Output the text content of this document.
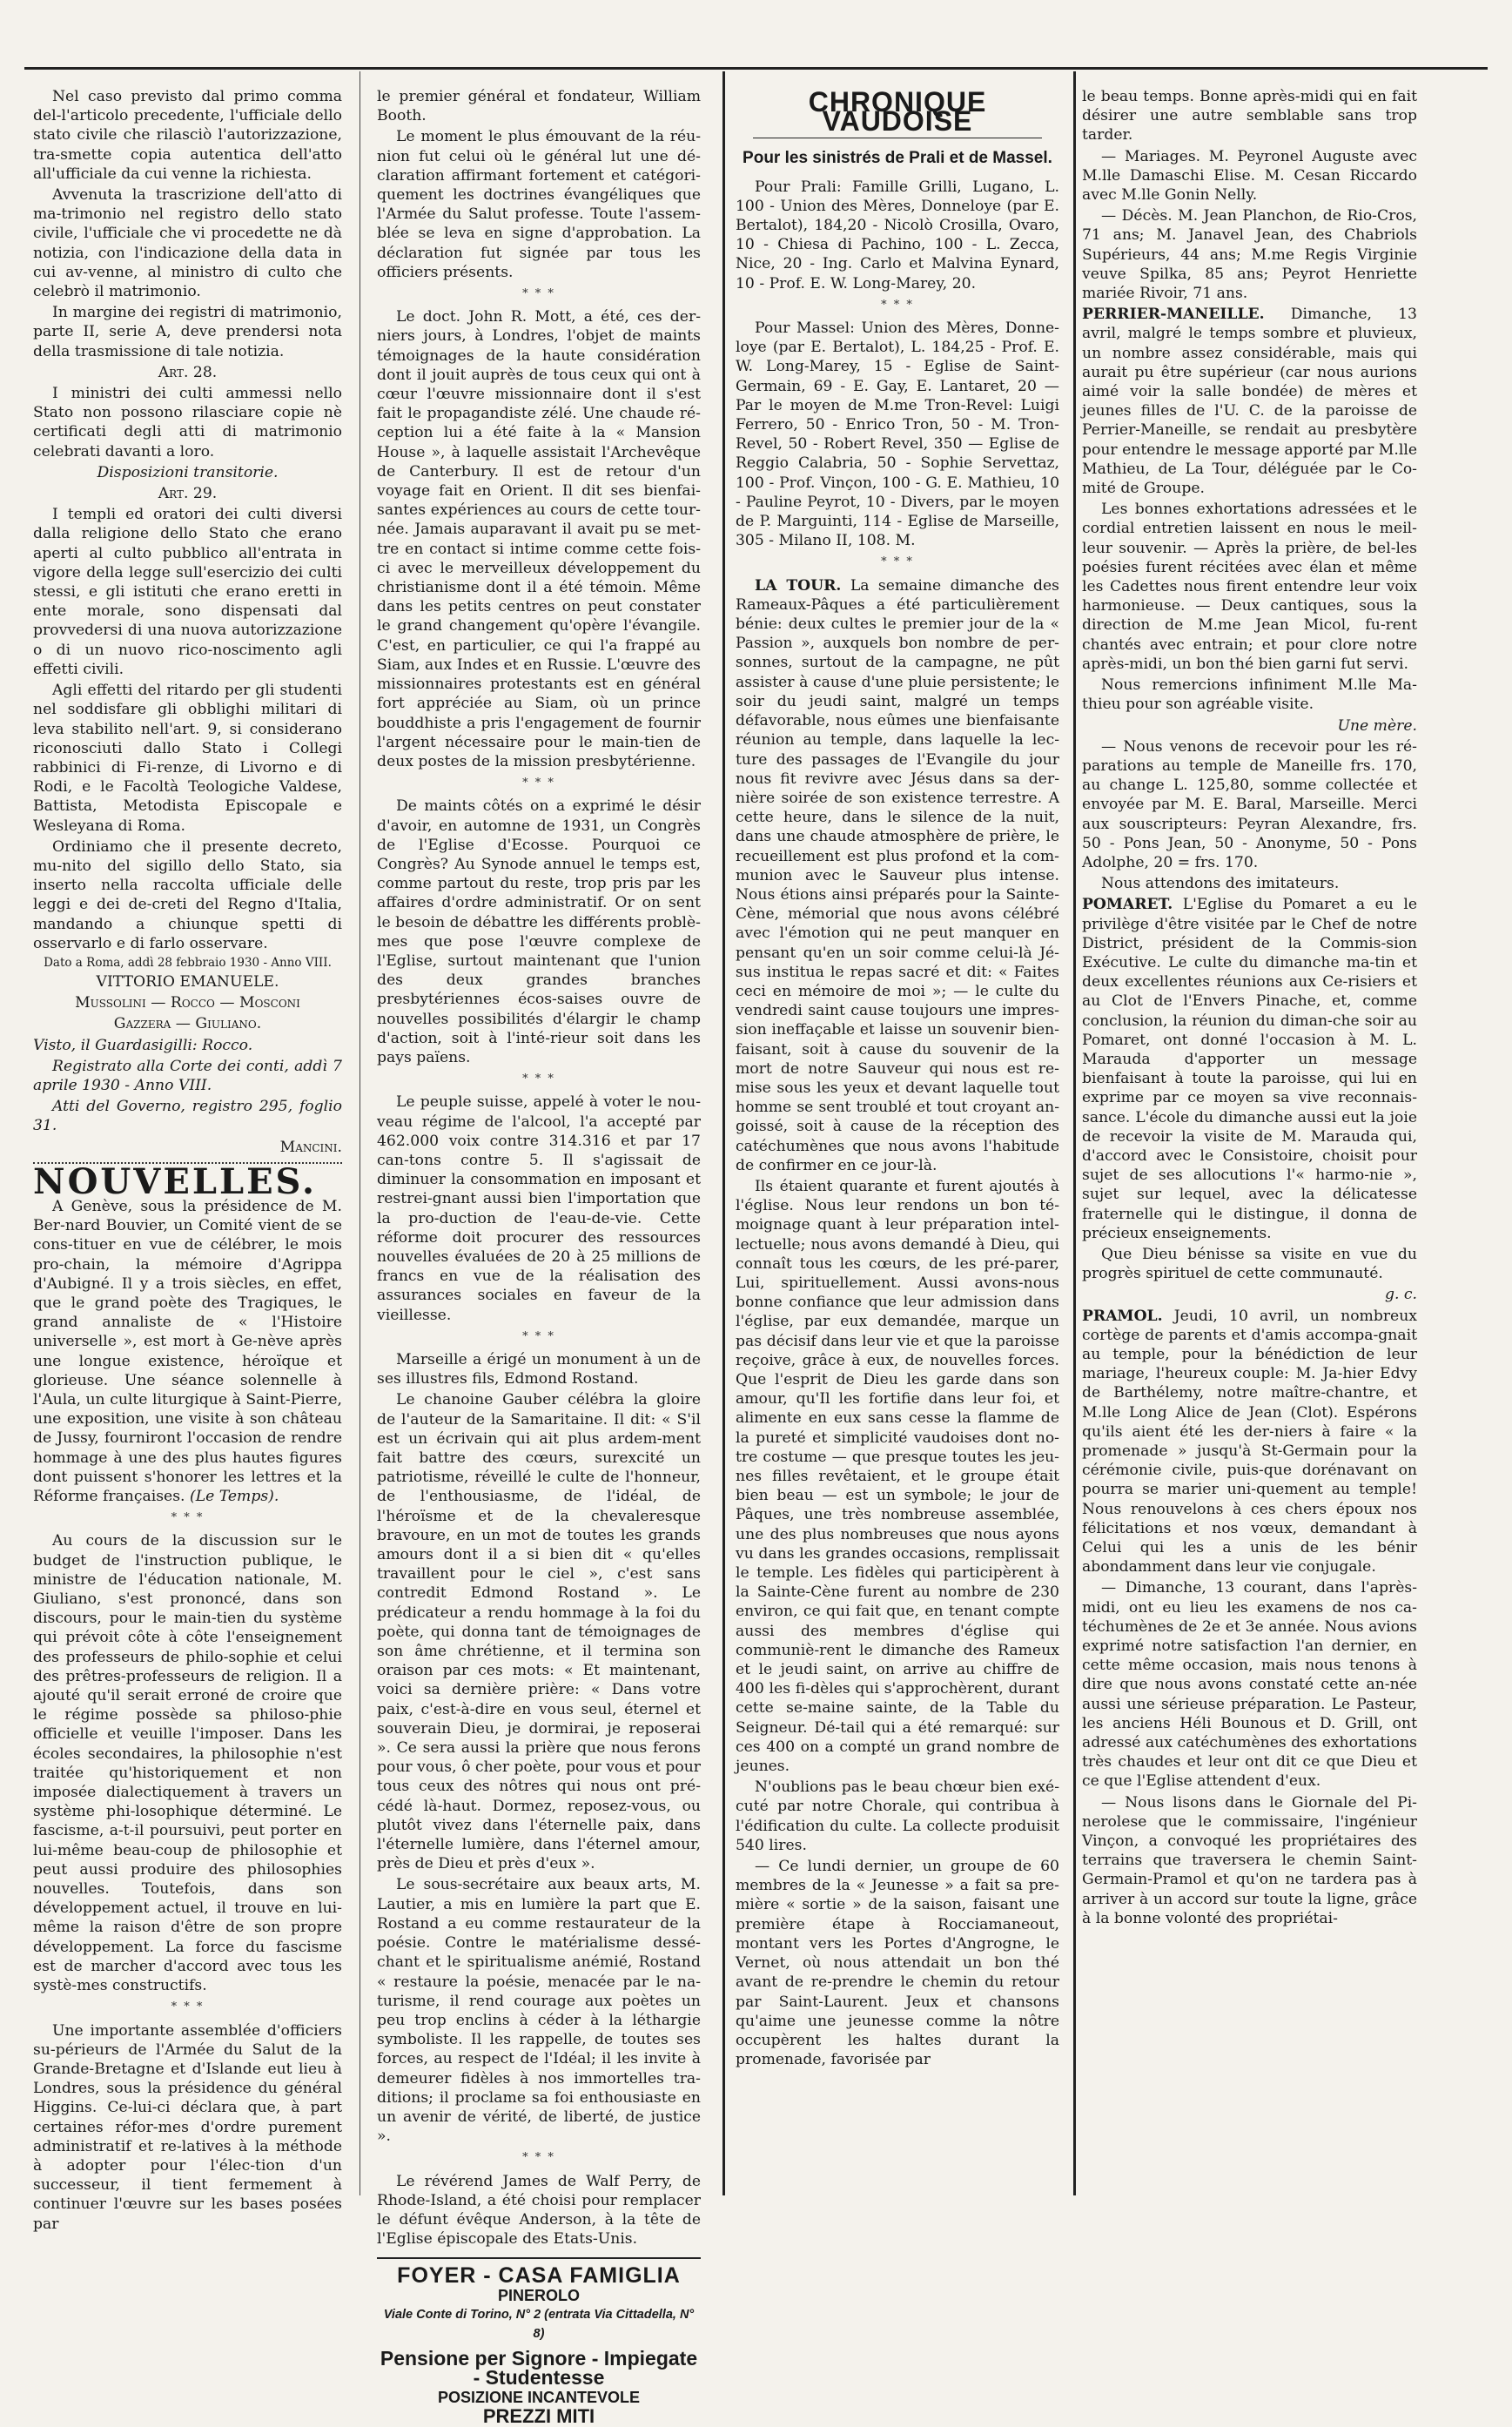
Nel caso previsto dal primo comma del-l'articolo precedente, l'ufficiale dello stato civile che rilasciò l'autorizzazione, tra-smette copia autentica dell'atto all'ufficiale da cui venne la richiesta.

Avvenuta la trascrizione dell'atto di ma-trimonio nel registro dello stato civile, l'ufficiale che vi procedette ne dà notizia, con l'indicazione della data in cui av-venne, al ministro di culto che celebrò il matrimonio.

In margine dei registri di matrimonio, parte II, serie A, deve prendersi nota della trasmissione di tale notizia.

Art. 28.

I ministri dei culti ammessi nello Stato non possono rilasciare copie nè certificati degli atti di matrimonio celebrati davanti a loro.

Disposizioni transitorie.

Art. 29.

I templi ed oratori dei culti diversi dalla religione dello Stato che erano aperti al culto pubblico all'entrata in vigore della legge sull'esercizio dei culti stessi, e gli istituti che erano eretti in ente morale, sono dispensati dal provvedersi di una nuova autorizzazione o di un nuovo rico-noscimento agli effetti civili.

Agli effetti del ritardo per gli studenti nel soddisfare gli obblighi militari di leva stabilito nell'art. 9, si considerano riconosciuti dallo Stato i Collegi rabbinici di Fi-renze, di Livorno e di Rodi, e le Facoltà Teologiche Valdese, Battista, Metodista Episcopale e Wesleyana di Roma.

Ordiniamo che il presente decreto, mu-nito del sigillo dello Stato, sia inserto nella raccolta ufficiale delle leggi e dei de-creti del Regno d'Italia, mandando a chiunque spetti di osservarlo e di farlo osservare.

Dato a Roma, addì 28 febbraio 1930 - Anno VIII.

VITTORIO EMANUELE.

Mussolini — Rocco — Mosconi

Gazzera — Giuliano.

Visto, il Guardasigilli: Rocco.

Registrato alla Corte dei conti, addì 7 aprile 1930 - Anno VIII.

Atti del Governo, registro 295, foglio 31.

Mancini.

NOUVELLES.

A Genève, sous la présidence de M. Ber-nard Bouvier, un Comité vient de se cons-tituer en vue de célébrer, le mois pro-chain, la mémoire d'Agrippa d'Aubigné. Il y a trois siècles, en effet, que le grand poète des Tragiques, le grand annaliste de « l'Histoire universelle », est mort à Ge-nève après une longue existence, héroïque et glorieuse. Une séance solennelle à l'Aula, un culte liturgique à Saint-Pierre, une exposition, une visite à son château de Jussy, fourniront l'occasion de rendre hommage à une des plus hautes figures dont puissent s'honorer les lettres et la Réforme françaises. (Le Temps).

* * *

Au cours de la discussion sur le budget de l'instruction publique, le ministre de l'éducation nationale, M. Giuliano, s'est prononcé, dans son discours, pour le main-tien du système qui prévoit côte à côte l'enseignement des professeurs de philo-sophie et celui des prêtres-professeurs de religion. Il a ajouté qu'il serait erroné de croire que le régime possède sa philoso-phie officielle et veuille l'imposer. Dans les écoles secondaires, la philosophie n'est traitée qu'historiquement et non imposée dialectiquement à travers un système phi-losophique déterminé. Le fascisme, a-t-il poursuivi, peut porter en lui-même beau-coup de philosophie et peut aussi produire des philosophies nouvelles. Toutefois, dans son développement actuel, il trouve en lui-même la raison d'être de son propre développement. La force du fascisme est de marcher d'accord avec tous les systè-mes constructifs.

* * *

Une importante assemblée d'officiers su-périeurs de l'Armée du Salut de la Grande-Bretagne et d'Islande eut lieu à Londres, sous la présidence du général Higgins. Ce-lui-ci déclara que, à part certaines réfor-mes d'ordre purement administratif et re-latives à la méthode à adopter pour l'élec-tion d'un successeur, il tient fermement à continuer l'œuvre sur les bases posées par

le premier général et fondateur, William Booth.

Le moment le plus émouvant de la réu-nion fut celui où le général lut une dé-claration affirmant fortement et catégori-quement les doctrines évangéliques que l'Armée du Salut professe. Toute l'assem-blée se leva en signe d'approbation. La déclaration fut signée par tous les officiers présents.

* * *

Le doct. John R. Mott, a été, ces der-niers jours, à Londres, l'objet de maints témoignages de la haute considération dont il jouit auprès de tous ceux qui ont à cœur l'œuvre missionnaire dont il s'est fait le propagandiste zélé. Une chaude ré-ception lui a été faite à la « Mansion House », à laquelle assistait l'Archevêque de Canterbury. Il est de retour d'un voyage fait en Orient. Il dit ses bienfai-santes expériences au cours de cette tour-née. Jamais auparavant il avait pu se met-tre en contact si intime comme cette fois-ci avec le merveilleux développement du christianisme dont il a été témoin. Même dans les petits centres on peut constater le grand changement qu'opère l'évangile. C'est, en particulier, ce qui l'a frappé au Siam, aux Indes et en Russie. L'œuvre des missionnaires protestants est en général fort appréciée au Siam, où un prince bouddhiste a pris l'engagement de fournir l'argent nécessaire pour le main-tien de deux postes de la mission presbytérienne.

* * *

De maints côtés on a exprimé le désir d'avoir, en automne de 1931, un Congrès de l'Eglise d'Ecosse. Pourquoi ce Congrès? Au Synode annuel le temps est, comme partout du reste, trop pris par les affaires d'ordre administratif. Or on sent le besoin de débattre les différents problè-mes que pose l'œuvre complexe de l'Eglise, surtout maintenant que l'union des deux grandes branches presbytériennes écos-saises ouvre de nouvelles possibilités d'élargir le champ d'action, soit à l'inté-rieur soit dans les pays païens.

* * *

Le peuple suisse, appelé à voter le nou-veau régime de l'alcool, l'a accepté par 462.000 voix contre 314.316 et par 17 can-tons contre 5. Il s'agissait de diminuer la consommation en imposant et restrei-gnant aussi bien l'importation que la pro-duction de l'eau-de-vie. Cette réforme doit procurer des ressources nouvelles évaluées de 20 à 25 millions de francs en vue de la réalisation des assurances sociales en faveur de la vieillesse.

* * *

Marseille a érigé un monument à un de ses illustres fils, Edmond Rostand.

Le chanoine Gauber célébra la gloire de l'auteur de la Samaritaine. Il dit: « S'il est un écrivain qui ait plus ardem-ment fait battre des cœurs, surexcité un patriotisme, réveillé le culte de l'honneur, de l'enthousiasme, de l'idéal, de l'héroïsme et de la chevaleresque bravoure, en un mot de toutes les grands amours dont il a si bien dit « qu'elles travaillent pour le ciel », c'est sans contredit Edmond Rostand ». Le prédicateur a rendu hommage à la foi du poète, qui donna tant de témoignages de son âme chrétienne, et il termina son oraison par ces mots: « Et maintenant, voici sa dernière prière: « Dans votre paix, c'est-à-dire en vous seul, éternel et souverain Dieu, je dormirai, je reposerai ». Ce sera aussi la prière que nous ferons pour vous, ô cher poète, pour vous et pour tous ceux des nôtres qui nous ont pré-cédé là-haut. Dormez, reposez-vous, ou plutôt vivez dans l'éternelle paix, dans l'éternelle lumière, dans l'éternel amour, près de Dieu et près d'eux ».

Le sous-secrétaire aux beaux arts, M. Lautier, a mis en lumière la part que E. Rostand a eu comme restaurateur de la poésie. Contre le matérialisme dessé-chant et le spiritualisme anémié, Rostand « restaure la poésie, menacée par le na-turisme, il rend courage aux poètes un peu trop enclins à céder à la léthargie symboliste. Il les rappelle, de toutes ses forces, au respect de l'Idéal; il les invite à demeurer fidèles à nos immortelles tra-ditions; il proclame sa foi enthousiaste en un avenir de vérité, de liberté, de justice ».

* * *

Le révérend James de Walf Perry, de Rhode-Island, a été choisi pour remplacer le défunt évêque Anderson, à la tête de l'Eglise épiscopale des Etats-Unis.

FOYER - CASA FAMIGLIA
PINEROLO
Viale Conte di Torino, N° 2 (entrata Via Cittadella, N° 8)
Pensione per Signore - Impiegate - Studentesse
POSIZIONE INCANTEVOLE
PREZZI MITI

CHRONIQUE VAUDOISE

Pour les sinistrés de Prali et de Massel.

Pour Prali: Famille Grilli, Lugano, L. 100 - Union des Mères, Donneloye (par E. Bertalot), 184,20 - Nicolò Crosilla, Ovaro, 10 - Chiesa di Pachino, 100 - L. Zecca, Nice, 20 - Ing. Carlo et Malvina Eynard, 10 - Prof. E. W. Long-Marey, 20.

* * *

Pour Massel: Union des Mères, Donne-loye (par E. Bertalot), L. 184,25 - Prof. E. W. Long-Marey, 15 - Eglise de Saint-Germain, 69 - E. Gay, E. Lantaret, 20 — Par le moyen de M.me Tron-Revel: Luigi Ferrero, 50 - Enrico Tron, 50 - M. Tron-Revel, 50 - Robert Revel, 350 — Eglise de Reggio Calabria, 50 - Sophie Servettaz, 100 - Prof. Vinçon, 100 - G. E. Mathieu, 10 - Pauline Peyrot, 10 - Divers, par le moyen de P. Marguinti, 114 - Eglise de Marseille, 305 - Milano II, 108. M.

* * *

LA TOUR. La semaine dimanche des Rameaux-Pâques a été particulièrement bénie: deux cultes le premier jour de la « Passion », auxquels bon nombre de per-sonnes, surtout de la campagne, ne pût assister à cause d'une pluie persistente; le soir du jeudi saint, malgré un temps défavorable, nous eûmes une bienfaisante réunion au temple, dans laquelle la lec-ture des passages de l'Evangile du jour nous fit revivre avec Jésus dans sa der-nière soirée de son existence terrestre. A cette heure, dans le silence de la nuit, dans une chaude atmosphère de prière, le recueillement est plus profond et la com-munion avec le Sauveur plus intense. Nous étions ainsi préparés pour la Sainte-Cène, mémorial que nous avons célébré avec l'émotion qui ne peut manquer en pensant qu'en un soir comme celui-là Jé-sus institua le repas sacré et dit: « Faites ceci en mémoire de moi »; — le culte du vendredi saint cause toujours une impres-sion ineffaçable et laisse un souvenir bien-faisant, soit à cause du souvenir de la mort de notre Sauveur qui nous est re-mise sous les yeux et devant laquelle tout homme se sent troublé et tout croyant an-goissé, soit à cause de la réception des catéchumènes que nous avons l'habitude de confirmer en ce jour-là.

Ils étaient quarante et furent ajoutés à l'église. Nous leur rendons un bon té-moignage quant à leur préparation intel-lectuelle; nous avons demandé à Dieu, qui connaît tous les cœurs, de les pré-parer, Lui, spirituellement. Aussi avons-nous bonne confiance que leur admission dans l'église, par eux demandée, marque un pas décisif dans leur vie et que la paroisse reçoive, grâce à eux, de nouvelles forces. Que l'esprit de Dieu les garde dans son amour, qu'Il les fortifie dans leur foi, et alimente en eux sans cesse la flamme de la pureté et simplicité vaudoises dont no-tre costume — que presque toutes les jeu-nes filles revêtaient, et le groupe était bien beau — est un symbole; le jour de Pâques, une très nombreuse assemblée, une des plus nombreuses que nous ayons vu dans les grandes occasions, remplissait le temple. Les fidèles qui participèrent à la Sainte-Cène furent au nombre de 230 environ, ce qui fait que, en tenant compte aussi des membres d'église qui communiè-rent le dimanche des Rameux et le jeudi saint, on arrive au chiffre de 400 les fi-dèles qui s'approchèrent, durant cette se-maine sainte, de la Table du Seigneur. Dé-tail qui a été remarqué: sur ces 400 on a compté un grand nombre de jeunes.

N'oublions pas le beau chœur bien exé-cuté par notre Chorale, qui contribua à l'édification du culte. La collecte produisit 540 lires.

— Ce lundi dernier, un groupe de 60 membres de la « Jeunesse » a fait sa pre-mière « sortie » de la saison, faisant une première étape à Rocciamaneout, montant vers les Portes d'Angrogne, le Vernet, où nous attendait un bon thé avant de re-prendre le chemin du retour par Saint-Laurent. Jeux et chansons qu'aime une jeunesse comme la nôtre occupèrent les haltes durant la promenade, favorisée par

le beau temps. Bonne après-midi qui en fait désirer une autre semblable sans trop tarder.

— Mariages. M. Peyronel Auguste avec M.lle Damaschi Elise. M. Cesan Riccardo avec M.lle Gonin Nelly.

— Décès. M. Jean Planchon, de Rio-Cros, 71 ans; M. Janavel Jean, des Chabriols Supérieurs, 44 ans; M.me Regis Virginie veuve Spilka, 85 ans; Peyrot Henriette mariée Rivoir, 71 ans.

PERRIER-MANEILLE. Dimanche, 13 avril, malgré le temps sombre et pluvieux, un nombre assez considérable, mais qui aurait pu être supérieur (car nous aurions aimé voir la salle bondée) de mères et jeunes filles de l'U. C. de la paroisse de Perrier-Maneille, se rendait au presbytère pour entendre le message apporté par M.lle Mathieu, de La Tour, déléguée par le Co-mité de Groupe.

Les bonnes exhortations adressées et le cordial entretien laissent en nous le meil-leur souvenir. — Après la prière, de bel-les poésies furent récitées avec élan et même les Cadettes nous firent entendre leur voix harmonieuse. — Deux cantiques, sous la direction de M.me Jean Micol, fu-rent chantés avec entrain; et pour clore notre après-midi, un bon thé bien garni fut servi.

Nous remercions infiniment M.lle Ma-thieu pour son agréable visite.

Une mère.

— Nous venons de recevoir pour les ré-parations au temple de Maneille frs. 170, au change L. 125,80, somme collectée et envoyée par M. E. Baral, Marseille. Merci aux souscripteurs: Peyran Alexandre, frs. 50 - Pons Jean, 50 - Anonyme, 50 - Pons Adolphe, 20 = frs. 170.

Nous attendons des imitateurs.

POMARET. L'Eglise du Pomaret a eu le privilège d'être visitée par le Chef de notre District, président de la Commis-sion Exécutive. Le culte du dimanche ma-tin et deux excellentes réunions aux Ce-risiers et au Clot de l'Envers Pinache, et, comme conclusion, la réunion du diman-che soir au Pomaret, ont donné l'occasion à M. L. Marauda d'apporter un message bienfaisant à toute la paroisse, qui lui en exprime par ce moyen sa vive reconnais-sance. L'école du dimanche aussi eut la joie de recevoir la visite de M. Marauda qui, d'accord avec le Consistoire, choisit pour sujet de ses allocutions l'« harmo-nie », sujet sur lequel, avec la délicatesse fraternelle qui le distingue, il donna de précieux enseignements.

Que Dieu bénisse sa visite en vue du progrès spirituel de cette communauté.

g. c.

PRAMOL. Jeudi, 10 avril, un nombreux cortège de parents et d'amis accompa-gnait au temple, pour la bénédiction de leur mariage, l'heureux couple: M. Ja-hier Edvy de Barthélemy, notre maître-chantre, et M.lle Long Alice de Jean (Clot). Espérons qu'ils aient été les der-niers à faire « la promenade » jusqu'à St-Germain pour la cérémonie civile, puis-que dorénavant on pourra se marier uni-quement au temple! Nous renouvelons à ces chers époux nos félicitations et nos vœux, demandant à Celui qui les a unis de les bénir abondamment dans leur vie conjugale.

— Dimanche, 13 courant, dans l'après-midi, ont eu lieu les examens de nos ca-téchumènes de 2e et 3e année. Nous avions exprimé notre satisfaction l'an dernier, en cette même occasion, mais nous tenons à dire que nous avons constaté cette an-née aussi une sérieuse préparation. Le Pasteur, les anciens Héli Bounous et D. Grill, ont adressé aux catéchumènes des exhortations très chaudes et leur ont dit ce que Dieu et ce que l'Eglise attendent d'eux.

— Nous lisons dans le Giornale del Pi-nerolese que le commissaire, l'ingénieur Vinçon, a convoqué les propriétaires des terrains que traversera le chemin Saint-Germain-Pramol et qu'on ne tardera pas à arriver à un accord sur toute la ligne, grâce à la bonne volonté des propriétai-
